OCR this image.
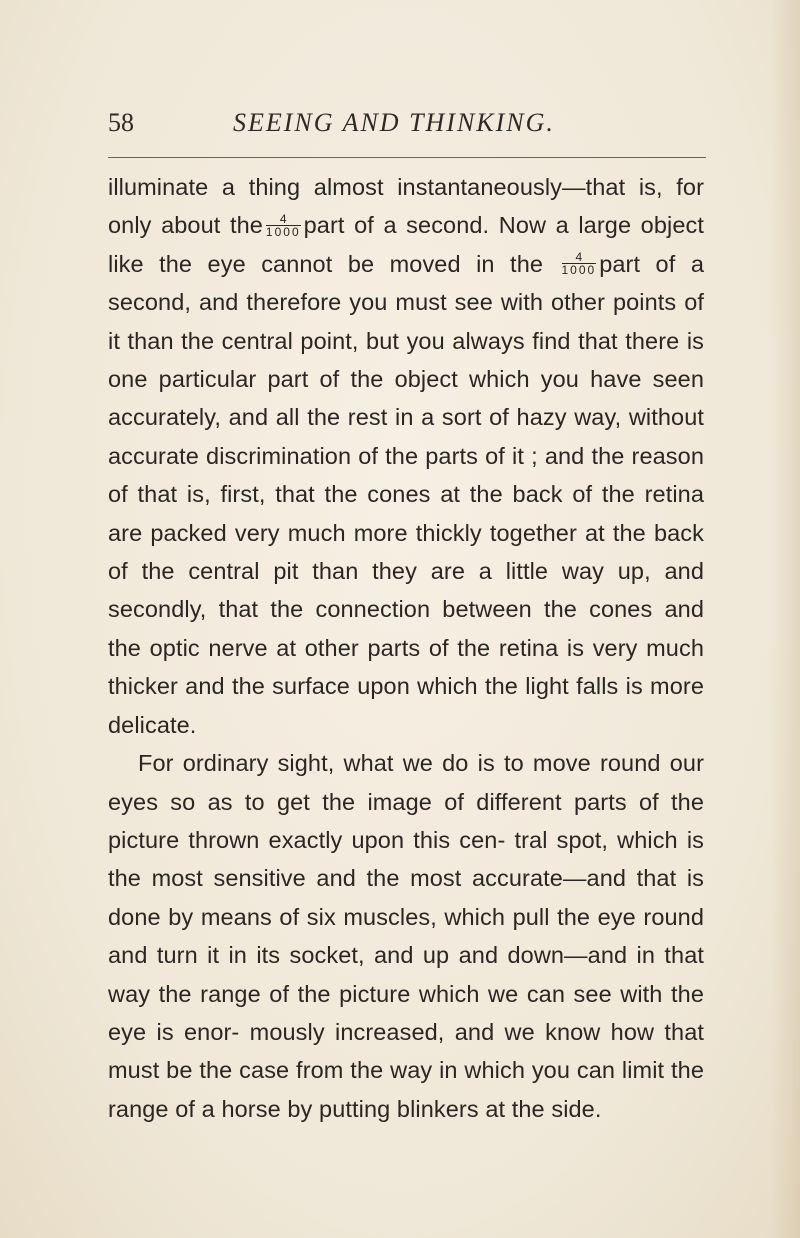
58	SEEING AND THINKING.

illuminate a thing almost instantaneously—that is, for only about the $\frac{4}{1000}$ part of a second. Now a large object like the eye cannot be moved in the $\frac{4}{1000}$ part of a second, and therefore you must see with other points of it than the central point, but you always find that there is one particular part of the object which you have seen accurately, and all the rest in a sort of hazy way, without accurate discrimination of the parts of it ; and the reason of that is, first, that the cones at the back of the retina are packed very much more thickly together at the back of the central pit than they are a little way up, and secondly, that the connection between the cones and the optic nerve at other parts of the retina is very much thicker and the surface upon which the light falls is more delicate.

For ordinary sight, what we do is to move round our eyes so as to get the image of different parts of the picture thrown exactly upon this cen- tral spot, which is the most sensitive and the most accurate—and that is done by means of six muscles, which pull the eye round and turn it in its socket, and up and down—and in that way the range of the picture which we can see with the eye is enor- mously increased, and we know how that must be the case from the way in which you can limit the range of a horse by putting blinkers at the side.
